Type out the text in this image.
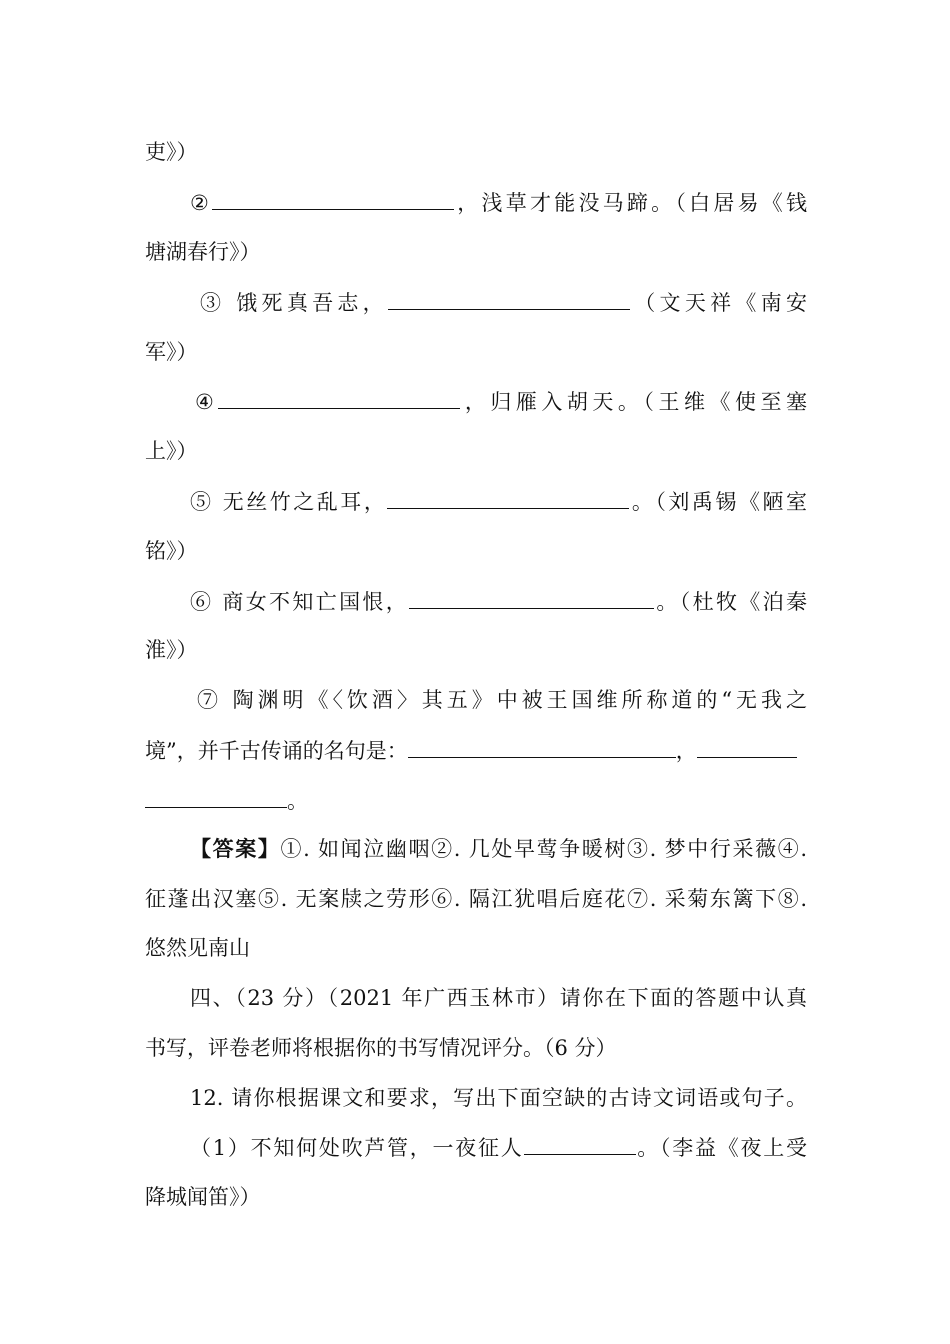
吏》）
②	，浅草才能没马蹄。（白居易《钱
塘湖春行》）
③ 饿死真吾志，	（文天祥《南安
军》）
④	，归雁入胡天。（王维《使至塞
上》）
⑤ 无丝竹之乱耳，	。（刘禹锡《陋室
铭》）
⑥ 商女不知亡国恨，	。（杜牧《泊秦
淮》）
⑦ 陶渊明《〈饮酒〉其五》中被王国维所称道的“无我之
境”，并千古传诵的名句是：	，
。
【答案】①. 如闻泣幽咽②. 几处早莺争暖树③. 梦中行采薇④.
征蓬出汉塞⑤. 无案牍之劳形⑥. 隔江犹唱后庭花⑦. 采菊东篱下⑧.
悠然见南山
四、（23 分）（2021 年广西玉林市）请你在下面的答题中认真
书写，评卷老师将根据你的书写情况评分。（6 分）
12. 请你根据课文和要求，写出下面空缺的古诗文词语或句子。
（1）不知何处吹芦管，一夜征人	。（李益《夜上受
降城闻笛》）
